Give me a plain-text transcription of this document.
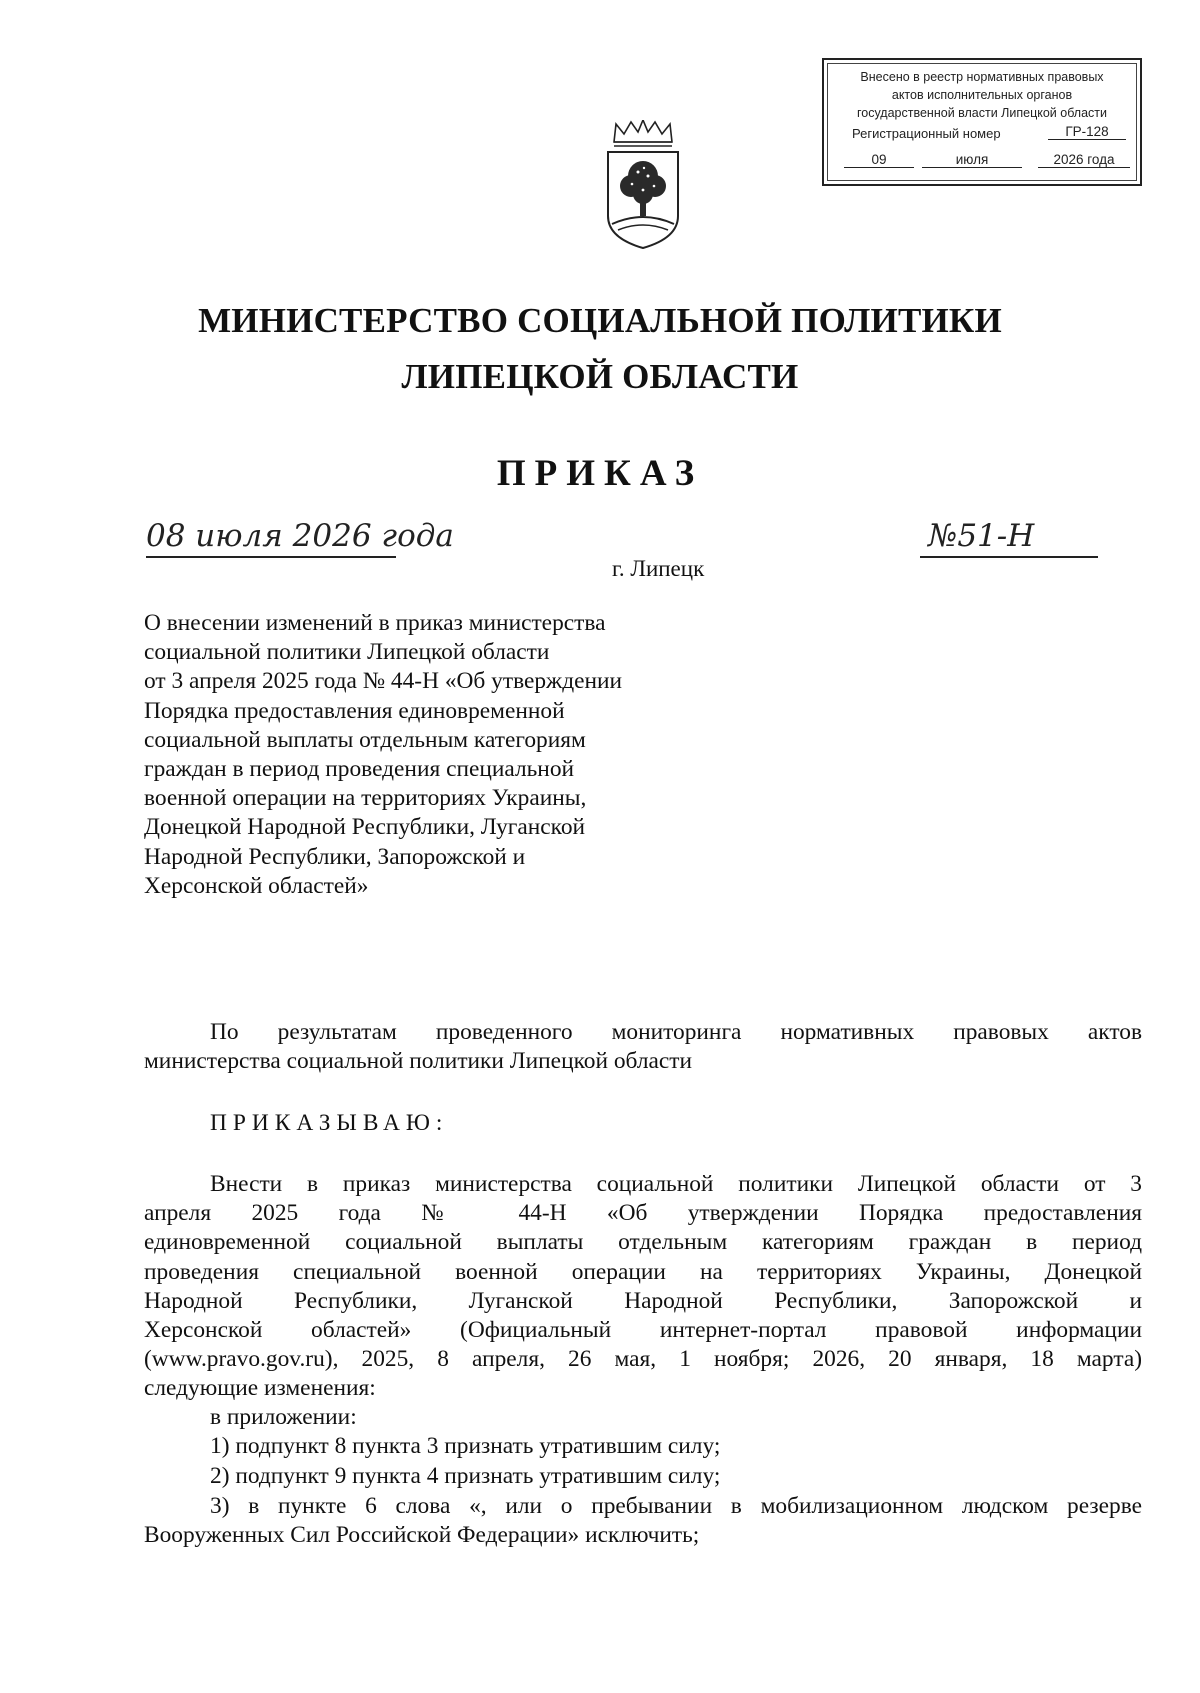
Внесено в реестр нормативных правовых
актов исполнительных органов
государственной власти Липецкой области
Регистрационный номер	ГР-128
09	июля	2026 года
МИНИСТЕРСТВО СОЦИАЛЬНОЙ ПОЛИТИКИ
ЛИПЕЦКОЙ ОБЛАСТИ
ПРИКАЗ
08 июля 2026 года	№51-Н
г. Липецк
О внесении изменений в приказ министерства
социальной политики Липецкой области
от 3 апреля 2025 года № 44-Н «Об утверждении
Порядка предоставления единовременной
социальной выплаты отдельным категориям
граждан в период проведения специальной
военной операции на территориях Украины,
Донецкой Народной Республики, Луганской
Народной Республики, Запорожской и
Херсонской областей»
По результатам проведенного мониторинга нормативных правовых актов
министерства социальной политики Липецкой области
ПРИКАЗЫВАЮ:
Внести в приказ министерства социальной политики Липецкой области от 3
апреля 2025 года № 44-Н «Об утверждении Порядка предоставления
единовременной социальной выплаты отдельным категориям граждан в период
проведения специальной военной операции на территориях Украины, Донецкой
Народной Республики, Луганской Народной Республики, Запорожской и
Херсонской областей» (Официальный интернет-портал правовой информации
(www.pravo.gov.ru), 2025, 8 апреля, 26 мая, 1 ноября; 2026, 20 января, 18 марта)
следующие изменения:
в приложении:
1) подпункт 8 пункта 3 признать утратившим силу;
2) подпункт 9 пункта 4 признать утратившим силу;
3) в пункте 6 слова «, или о пребывании в мобилизационном людском резерве
Вооруженных Сил Российской Федерации» исключить;
